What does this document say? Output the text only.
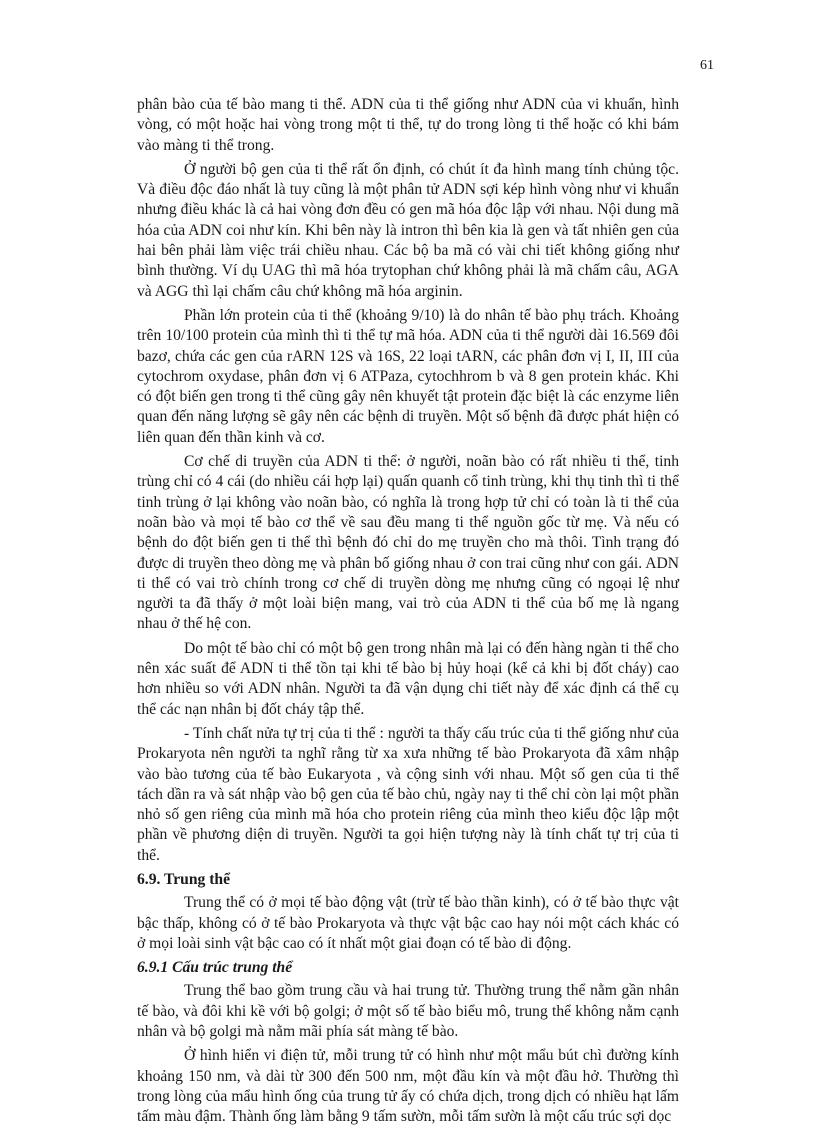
61

phân bào của tế bào mang ti thể. ADN của ti thể giống như ADN của vi khuẩn, hình vòng, có một hoặc hai vòng trong một ti thể, tự do trong lòng ti thể hoặc có khi bám vào màng ti thể trong.

Ở người bộ gen của ti thể rất ổn định, có chút ít đa hình mang tính chủng tộc. Và điều độc đáo nhất là tuy cũng là một phân tử ADN sợi kép hình vòng như vi khuẩn nhưng điều khác là cả hai vòng đơn đều có gen mã hóa độc lập với nhau. Nội dung mã hóa của ADN coi như kín. Khi bên này là intron thì bên kia là gen và tất nhiên gen của hai bên phải làm việc trái chiều nhau. Các bộ ba mã có vài chi tiết không giống như bình thường. Ví dụ UAG thì mã hóa trytophan chứ không phải là mã chấm câu, AGA và AGG thì lại chấm câu chứ không mã hóa arginin.

Phần lớn protein của ti thể (khoảng 9/10) là do nhân tế bào phụ trách. Khoảng trên 10/100 protein của mình thì ti thể tự mã hóa. ADN của ti thể người dài 16.569 đôi bazơ, chứa các gen của rARN 12S và 16S, 22 loại tARN, các phân đơn vị I, II, III của cytochrom oxydase, phân đơn vị 6 ATPaza, cytochhrom b và 8 gen protein khác. Khi có đột biến gen trong ti thể cũng gây nên khuyết tật protein đặc biệt là các enzyme liên quan đến năng lượng sẽ gây nên các bệnh di truyền. Một số bệnh đã được phát hiện có liên quan đến thần kinh và cơ.

Cơ chế di truyền của ADN ti thể: ở người, noãn bào có rất nhiều ti thể, tinh trùng chỉ có 4 cái (do nhiều cái hợp lại) quấn quanh cổ tinh trùng, khi thụ tinh thì ti thể tinh trùng ở lại không vào noãn bào, có nghĩa là trong hợp tử chỉ có toàn là ti thể của noãn bào và mọi tế bào cơ thể về sau đều mang ti thể nguồn gốc từ mẹ. Và nếu có bệnh do đột biến gen ti thể thì bệnh đó chỉ do mẹ truyền cho mà thôi. Tình trạng đó được di truyền theo dòng mẹ và phân bố giống nhau ở con trai cũng như con gái. ADN ti thể có vai trò chính trong cơ chế di truyền dòng mẹ nhưng cũng có ngoại lệ như người ta đã thấy ở một loài biện mang, vai trò của ADN ti thể của bố mẹ là ngang nhau ở thế hệ con.

Do một tế bào chỉ có một bộ gen trong nhân mà lại có đến hàng ngàn ti thể cho nên xác suất để ADN ti thể tồn tại khi tế bào bị hủy hoại (kể cả khi bị đốt cháy) cao hơn nhiều so với ADN nhân. Người ta đã vận dụng chi tiết này để xác định cá thể cụ thể các nạn nhân bị đốt cháy tập thể.

- Tính chất nửa tự trị của ti thể : người ta thấy cấu trúc của ti thể giống như của Prokaryota nên người ta nghĩ rằng từ xa xưa những tế bào Prokaryota đã xâm nhập vào bào tương của tế bào Eukaryota , và cộng sinh với nhau. Một số gen của ti thể tách dần ra và sát nhập vào bộ gen của tế bào chủ, ngày nay ti thể chỉ còn lại một phần nhỏ số gen riêng của mình mã hóa cho protein riêng của mình theo kiểu độc lập một phần về phương diện di truyền. Người ta gọi hiện tượng này là tính chất tự trị của ti thể.

6.9. Trung thể

Trung thể có ở mọi tế bào động vật (trừ tế bào thần kinh), có ở tế bào thực vật bậc thấp, không có ở tế bào Prokaryota và thực vật bậc cao hay nói một cách khác có ở mọi loài sinh vật bậc cao có ít nhất một giai đoạn có tế bào di động.

6.9.1 Cấu trúc trung thể

Trung thể bao gồm trung cầu và hai trung tử. Thường trung thể nằm gần nhân tế bào, và đôi khi kề với bộ golgi; ở một số tế bào biểu mô, trung thể không nằm cạnh nhân và bộ golgi mà nằm mãi phía sát màng tế bào.

Ở hình hiển vi điện tử, mỗi trung tử có hình như một mẩu bút chì đường kính khoảng 150 nm, và dài từ 300 đến 500 nm, một đầu kín và một đầu hở. Thường thì trong lòng của mẩu hình ống của trung tử ấy có chứa dịch, trong dịch có nhiều hạt lấm tấm màu đậm. Thành ống làm bằng 9 tấm sườn, mỗi tấm sườn là một cấu trúc sợi dọc
